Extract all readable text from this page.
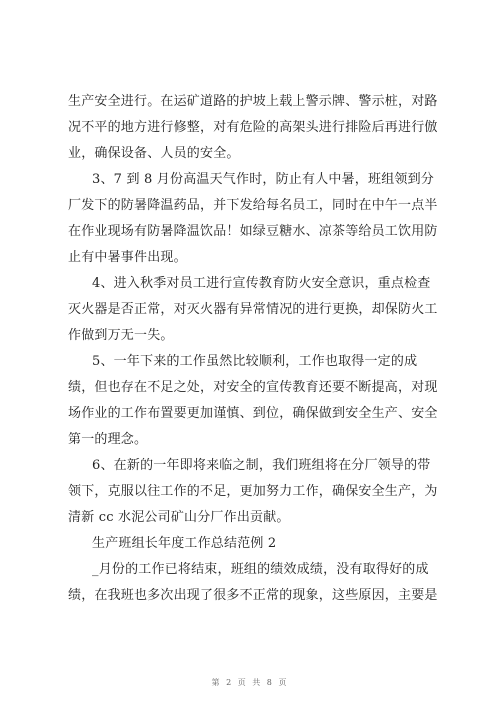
生产安全进行。在运矿道路的护坡上载上警示牌、警示桩，对路
况不平的地方进行修整，对有危险的高架头进行排险后再进行倣
业，确保设备、人员的安全。
3、7 到 8 月份高温天气作时，防止有人中暑，班组领到分
厂发下的防暑降温药品，并下发给每名员工，同时在中午一点半
在作业现场有防暑降温饮品！如绿豆糖水、凉茶等给员工饮用防
止有中暑事件出现。
4、进入秋季对员工进行宣传教育防火安全意识，重点检查
灭火器是否正常，对灭火器有异常情况的进行更换，却保防火工
作做到万无一失。
5、一年下来的工作虽然比较顺利，工作也取得一定的成
绩，但也存在不足之处，对安全的宣传教育还要不断提高，对现
场作业的工作布置要更加谨慎、到位，确保做到安全生产、安全
第一的理念。
6、在新的一年即将来临之制，我们班组将在分厂领导的带
领下，克服以往工作的不足，更加努力工作，确保安全生产，为
清新 cc 水泥公司矿山分厂作出贡献。
生产班组长年度工作总结范例 2
_月份的工作已将结束，班组的绩效成绩，没有取得好的成
绩，在我班也多次出现了很多不正常的现象，这些原因，主要是
第 2 页 共 8 页
